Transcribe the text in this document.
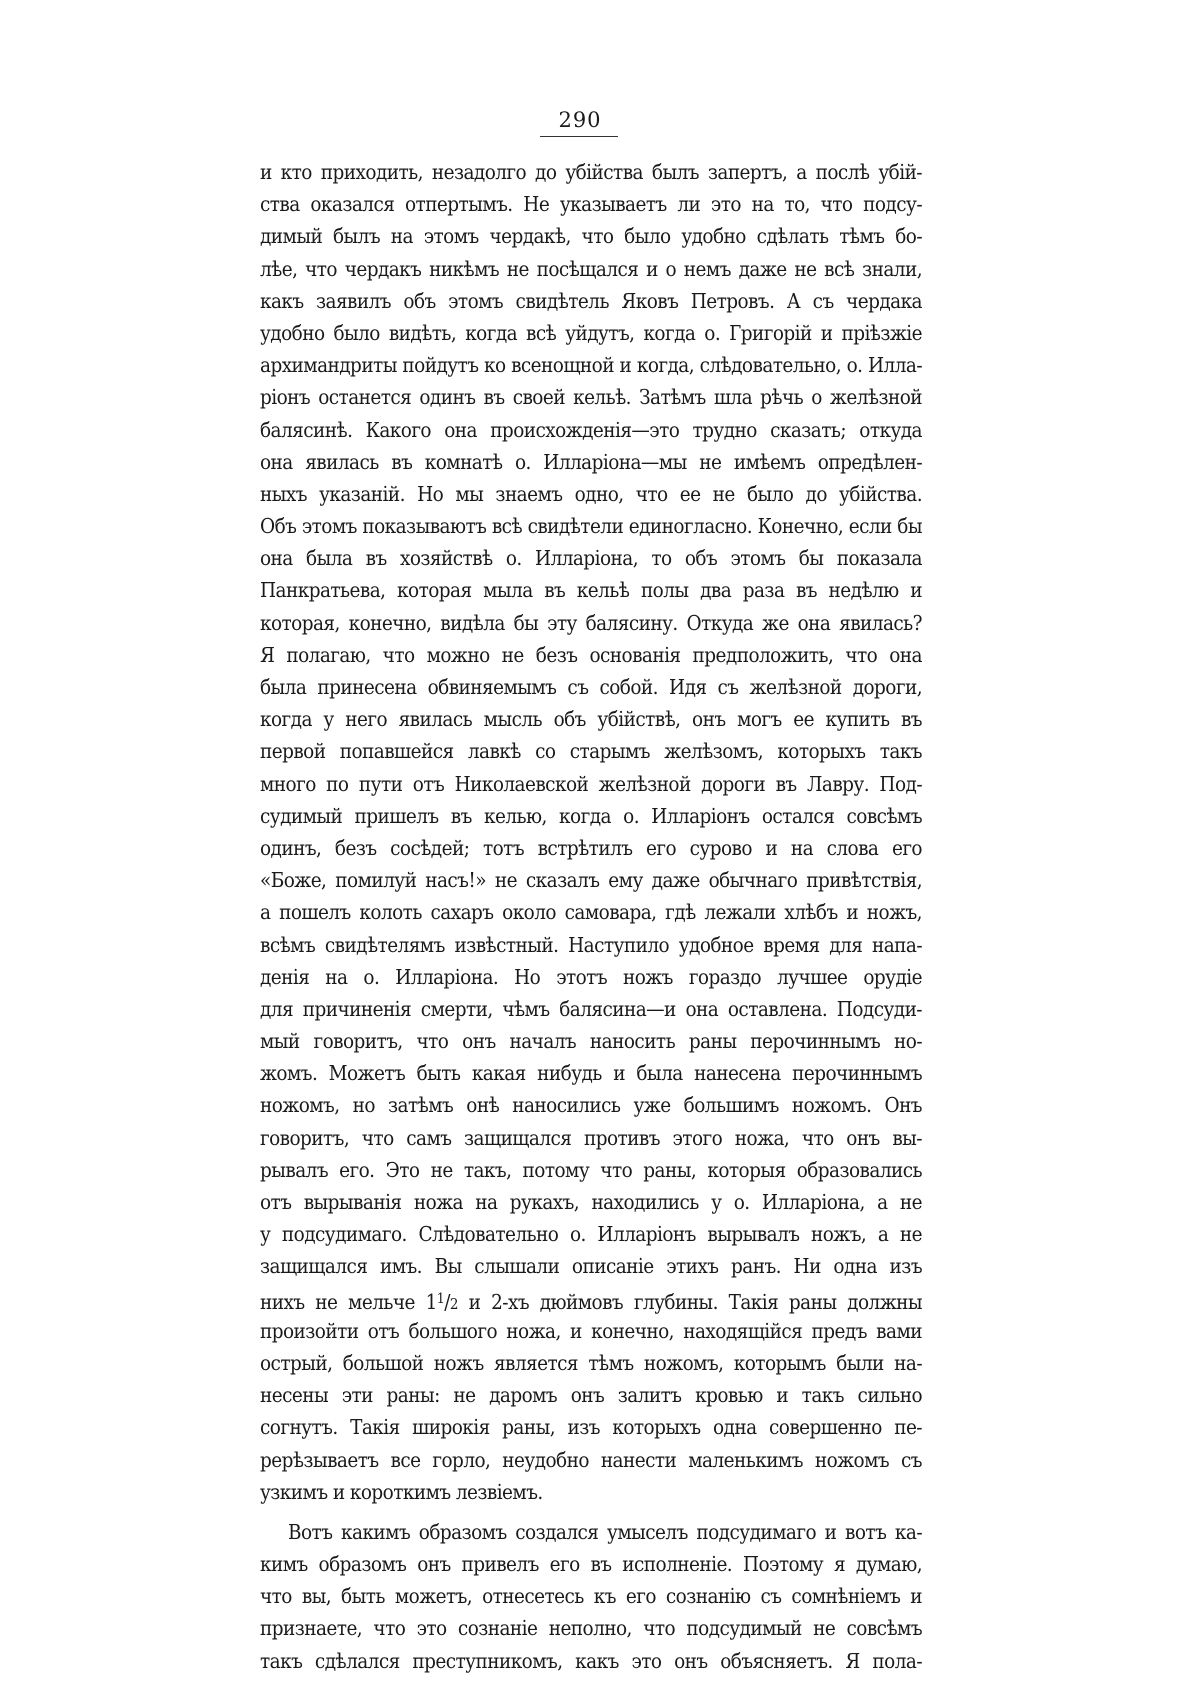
290
и кто приходить, незадолго до убійства былъ запертъ, а послѣ убій-
ства оказался отпертымъ. Не указываетъ ли это на то, что подсу-
димый былъ на этомъ чердакѣ, что было удобно сдѣлать тѣмъ бо-
лѣе, что чердакъ никѣмъ не посѣщался и о немъ даже не всѣ знали,
какъ заявилъ объ этомъ свидѣтель Яковъ Петровъ. А съ чердака
удобно было видѣть, когда всѣ уйдутъ, когда о. Григорій и пріѣзжіе
архимандриты пойдутъ ко всенощной и когда, слѣдовательно, о. Илла-
ріонъ останется одинъ въ своей кельѣ. Затѣмъ шла рѣчь о желѣзной
балясинѣ. Какого она происхожденія—это трудно сказать; откуда
она явилась въ комнатѣ о. Илларіона—мы не имѣемъ опредѣлен-
ныхъ указаній. Но мы знаемъ одно, что ее не было до убійства.
Объ этомъ показываютъ всѣ свидѣтели единогласно. Конечно, если бы
она была въ хозяйствѣ о. Илларіона, то объ этомъ бы показала
Панкратьева, которая мыла въ кельѣ полы два раза въ недѣлю и
которая, конечно, видѣла бы эту балясину. Откуда же она явилась?
Я полагаю, что можно не безъ основанія предположить, что она
была принесена обвиняемымъ съ собой. Идя съ желѣзной дороги,
когда у него явилась мысль объ убійствѣ, онъ могъ ее купить въ
первой попавшейся лавкѣ со старымъ желѣзомъ, которыхъ такъ
много по пути отъ Николаевской желѣзной дороги въ Лавру. Под-
судимый пришелъ въ келью, когда о. Илларіонъ остался совсѣмъ
одинъ, безъ сосѣдей; тотъ встрѣтилъ его сурово и на слова его
«Боже, помилуй насъ!» не сказалъ ему даже обычнаго привѣтствія,
а пошелъ колоть сахаръ около самовара, гдѣ лежали хлѣбъ и ножъ,
всѣмъ свидѣтелямъ извѣстный. Наступило удобное время для напа-
денія на о. Илларіона. Но этотъ ножъ гораздо лучшее орудіе
для причиненія смерти, чѣмъ балясина—и она оставлена. Подсуди-
мый говоритъ, что онъ началъ наносить раны перочиннымъ но-
жомъ. Можетъ быть какая нибудь и была нанесена перочиннымъ
ножомъ, но затѣмъ онѣ наносились уже большимъ ножомъ. Онъ
говоритъ, что самъ защищался противъ этого ножа, что онъ вы-
рывалъ его. Это не такъ, потому что раны, которыя образовались
отъ вырыванія ножа на рукахъ, находились у о. Илларіона, а не
у подсудимаго. Слѣдовательно о. Илларіонъ вырывалъ ножъ, а не
защищался имъ. Вы слышали описаніе этихъ ранъ. Ни одна изъ
нихъ не мельче $1^1/2$ и 2-хъ дюймовъ глубины. Такія раны должны
произойти отъ большого ножа, и конечно, находящійся предъ вами
острый, большой ножъ является тѣмъ ножомъ, которымъ были на-
несены эти раны: не даромъ онъ залитъ кровью и такъ сильно
согнутъ. Такія широкія раны, изъ которыхъ одна совершенно пе-
рерѣзываетъ все горло, неудобно нанести маленькимъ ножомъ съ
узкимъ и короткимъ лезвіемъ.
Вотъ какимъ образомъ создался умыселъ подсудимаго и вотъ ка-
кимъ образомъ онъ привелъ его въ исполненіе. Поэтому я думаю,
что вы, быть можетъ, отнесетесь къ его сознанію съ сомнѣніемъ и
признаете, что это сознаніе неполно, что подсудимый не совсѣмъ
такъ сдѣлался преступникомъ, какъ это онъ объясняетъ. Я пола-
